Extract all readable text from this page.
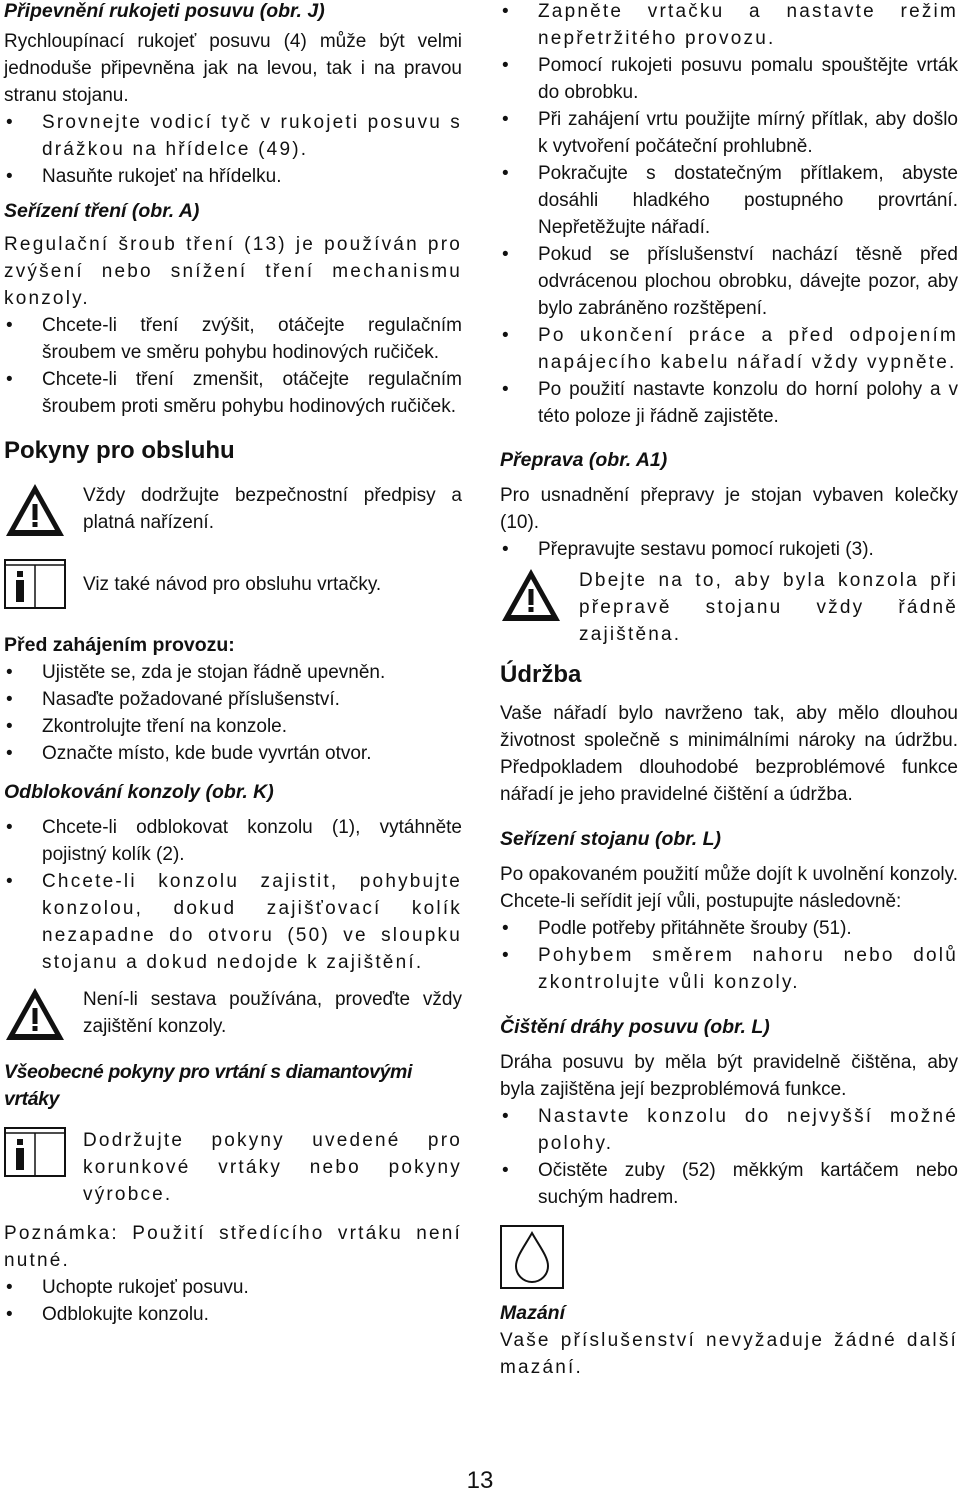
Připevnění rukojeti posuvu (obr. J)

Rychloupínací rukojeť posuvu (4) může být velmi jednoduše připevněna jak na levou, tak i na pravou stranu stojanu.

• Srovnejte vodicí tyč v rukojeti posuvu s drážkou na hřídelce (49).
• Nasuňte rukojeť na hřídelku.

Seřízení tření (obr. A)

Regulační šroub tření (13) je používán pro zvýšení nebo snížení tření mechanismu konzoly.

• Chcete-li tření zvýšit, otáčejte regulačním šroubem ve směru pohybu hodinových ručiček.
• Chcete-li tření zmenšit, otáčejte regulačním šroubem proti směru pohybu hodinových ručiček.

Pokyny pro obsluhu

Vždy dodržujte bezpečnostní předpisy a platná nařízení.
Viz také návod pro obsluhu vrtačky.

Před zahájením provozu:

• Ujistěte se, zda je stojan řádně upevněn.
• Nasaďte požadované příslušenství.
• Zkontrolujte tření na konzole.
• Označte místo, kde bude vyvrtán otvor.

Odblokování konzoly (obr. K)

• Chcete-li odblokovat konzolu (1), vytáhněte pojistný kolík (2).
• Chcete-li konzolu zajistit, pohybujte konzolou, dokud zajišťovací kolík nezapadne do otvoru (50) ve sloupku stojanu a dokud nedojde k zajištění.
Není-li sestava používána, proveďte vždy zajištění konzoly.

Všeobecné pokyny pro vrtání s diamantovými vrtáky

Dodržujte pokyny uvedené pro korunkové vrtáky nebo pokyny výrobce.

Poznámka: Použití středícího vrtáku není nutné.

• Uchopte rukojeť posuvu.
• Odblokujte konzolu.
• Zapněte vrtačku a nastavte režim nepřetržitého provozu.
• Pomocí rukojeti posuvu pomalu spouštějte vrták do obrobku.
• Při zahájení vrtu použijte mírný přítlak, aby došlo k vytvoření počáteční prohlubně.
• Pokračujte s dostatečným přítlakem, abyste dosáhli hladkého postupného provrtání. Nepřetěžujte nářadí.
• Pokud se příslušenství nachází těsně před odvrácenou plochou obrobku, dávejte pozor, aby bylo zabráněno rozštěpení.
• Po ukončení práce a před odpojením napájecího kabelu nářadí vždy vypněte.
• Po použití nastavte konzolu do horní polohy a v této poloze ji řádně zajistěte.

Přeprava (obr. A1)

Pro usnadnění přepravy je stojan vybaven kolečky (10).

• Přepravujte sestavu pomocí rukojeti (3).
Dbejte na to, aby byla konzola při přepravě stojanu vždy řádně zajištěna.

Údržba

Vaše nářadí bylo navrženo tak, aby mělo dlouhou životnost společně s minimálními nároky na údržbu. Předpokladem dlouhodobé bezproblémové funkce nářadí je jeho pravidelné čištění a údržba.

Seřízení stojanu (obr. L)

Po opakovaném použití může dojít k uvolnění konzoly. Chcete-li seřídit její vůli, postupujte následovně:

• Podle potřeby přitáhněte šrouby (51).
• Pohybem směrem nahoru nebo dolů zkontrolujte vůli konzoly.

Čištění dráhy posuvu (obr. L)

Dráha posuvu by měla být pravidelně čištěna, aby byla zajištěna její bezproblémová funkce.

• Nastavte konzolu do nejvyšší možné polohy.
• Očistěte zuby (52) měkkým kartáčem nebo suchým hadrem.

Mazání

Vaše příslušenství nevyžaduje žádné další mazání.

13
